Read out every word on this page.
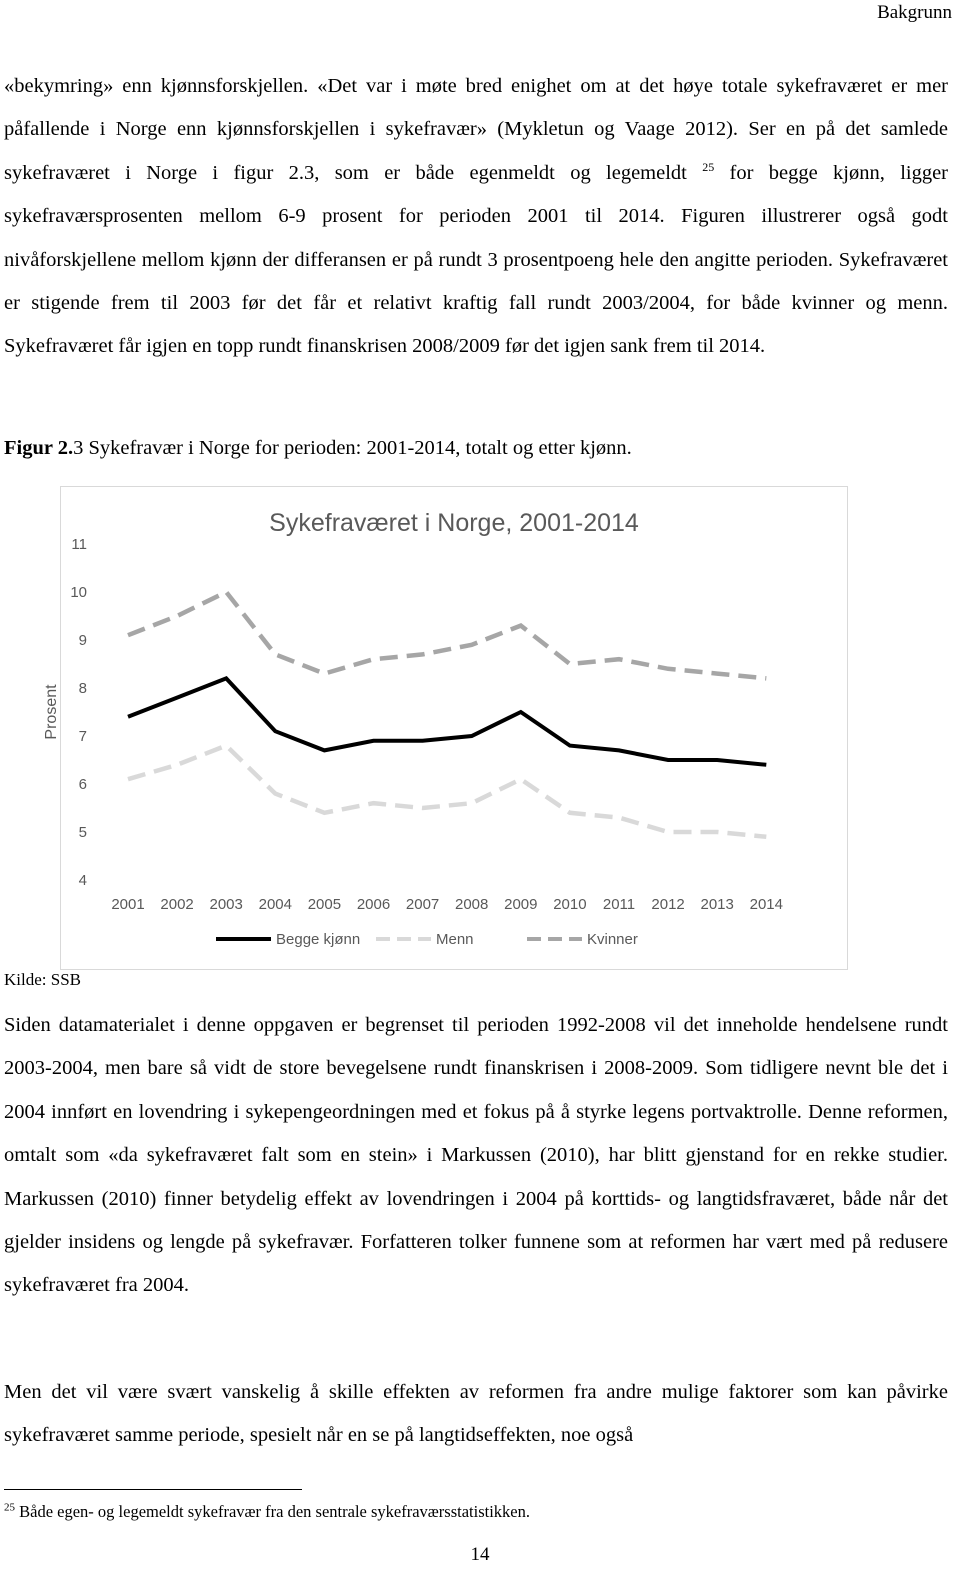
Bakgrunn

«bekymring» enn kjønnsforskjellen. «Det var i møte bred enighet om at det høye totale sykefraværet er mer påfallende i Norge enn kjønnsforskjellen i sykefravær» (Mykletun og Vaage 2012). Ser en på det samlede sykefraværet i Norge i figur 2.3, som er både egenmeldt og legemeldt $^{25}$ for begge kjønn, ligger sykefraværsprosenten mellom 6-9 prosent for perioden 2001 til 2014. Figuren illustrerer også godt nivåforskjellene mellom kjønn der differansen er på rundt 3 prosentpoeng hele den angitte perioden. Sykefraværet er stigende frem til 2003 før det får et relativt kraftig fall rundt 2003/2004, for både kvinner og menn. Sykefraværet får igjen en topp rundt finanskrisen 2008/2009 før det igjen sank frem til 2014.

Figur 2.3 Sykefravær i Norge for perioden: 2001-2014, totalt og etter kjønn.
Sykefraværet i Norge, 2001-2014
Prosent
4
5
6
7
8
9
10
11
2001 2002 2003 2004 2005 2006 2007 2008 2009 2010 2011 2012 2013 2014
Begge kjønn	Menn	Kvinner
Kilde: SSB

Siden datamaterialet i denne oppgaven er begrenset til perioden 1992-2008 vil det inneholde hendelsene rundt 2003-2004, men bare så vidt de store bevegelsene rundt finanskrisen i 2008-2009. Som tidligere nevnt ble det i 2004 innført en lovendring i sykepengeordningen med et fokus på å styrke legens portvaktrolle. Denne reformen, omtalt som «da sykefraværet falt som en stein» i Markussen (2010), har blitt gjenstand for en rekke studier. Markussen (2010) finner betydelig effekt av lovendringen i 2004 på korttids- og langtidsfraværet, både når det gjelder insidens og lengde på sykefravær. Forfatteren tolker funnene som at reformen har vært med på redusere sykefraværet fra 2004.

Men det vil være svært vanskelig å skille effekten av reformen fra andre mulige faktorer som kan påvirke sykefraværet samme periode, spesielt når en se på langtidseffekten, noe også

$^{25}$ Både egen- og legemeldt sykefravær fra den sentrale sykefraværsstatistikken.
14
